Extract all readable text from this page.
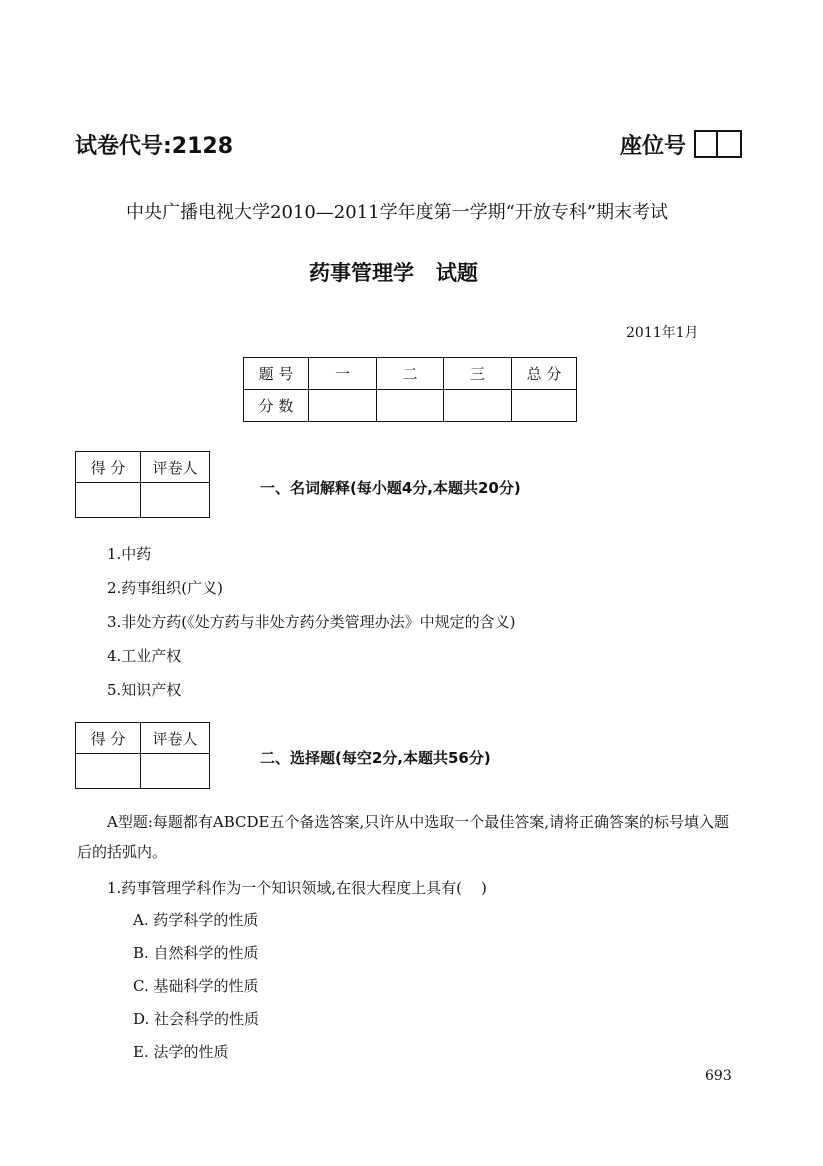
试卷代号:2128	座位号
中央广播电视大学2010—2011学年度第一学期“开放专科”期末考试
药事管理学   试题
2011年1月
题 号	一	二	三	总 分
分 数				
得 分	评卷人

一、名词解释(每小题4分,本题共20分)
1.中药
2.药事组织(广义)
3.非处方药(《处方药与非处方药分类管理办法》中规定的含义)
4.工业产权
5.知识产权
得 分	评卷人

二、选择题(每空2分,本题共56分)
A型题:每题都有ABCDE五个备选答案,只许从中选取一个最佳答案,请将正确答案的标号填入题后的括弧内。
1.药事管理学科作为一个知识领域,在很大程度上具有(    )
A. 药学科学的性质
B. 自然科学的性质
C. 基础科学的性质
D. 社会科学的性质
E. 法学的性质
693
